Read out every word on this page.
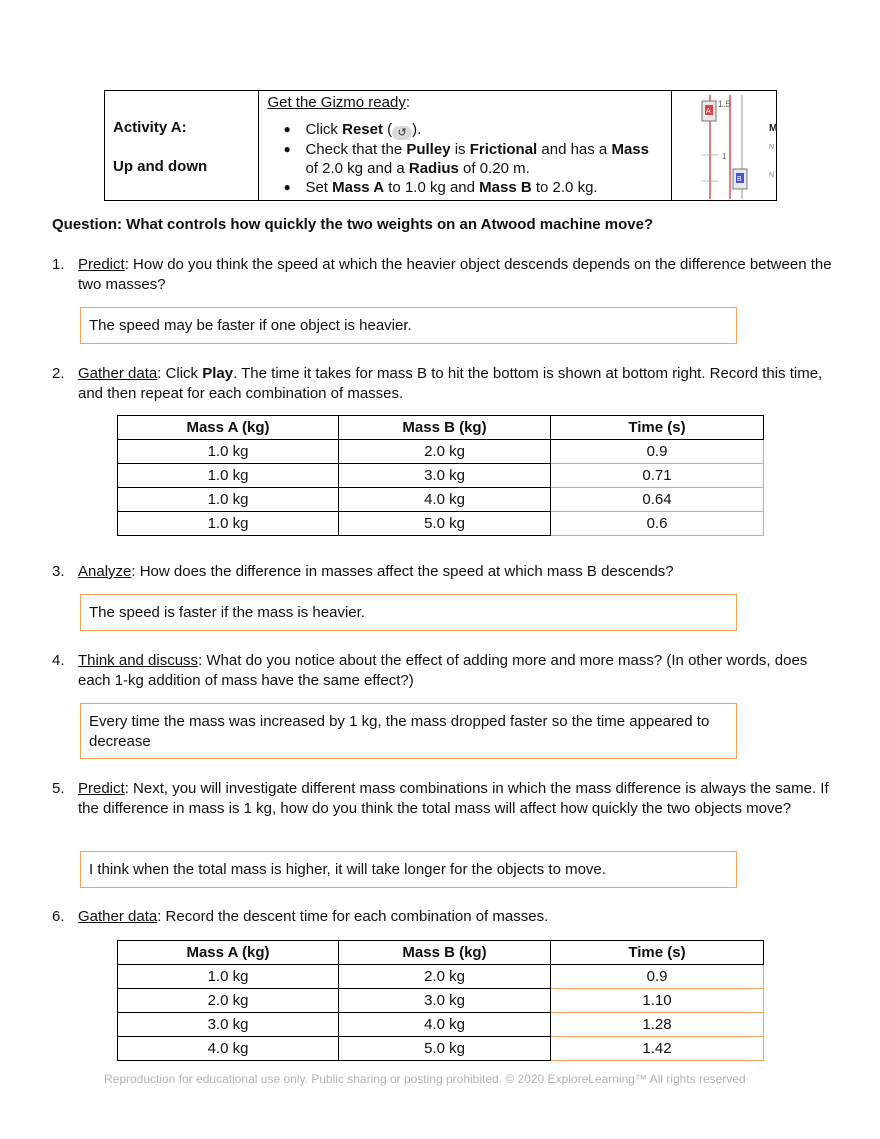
Activity A:
Up and down
Get the Gizmo ready:
● Click Reset ( ↺ ).
● Check that the Pulley is Frictional and has a Mass of 2.0 kg and a Radius of 0.20 m.
● Set Mass A to 1.0 kg and Mass B to 2.0 kg.
1.5
1
A
B
M
N
N
Question: What controls how quickly the two weights on an Atwood machine move?
1. Predict: How do you think the speed at which the heavier object descends depends on the difference between the two masses?
The speed may be faster if one object is heavier.
2. Gather data: Click Play. The time it takes for mass B to hit the bottom is shown at bottom right. Record this time, and then repeat for each combination of masses.
Mass A (kg)	Mass B (kg)	Time (s)
1.0 kg	2.0 kg	0.9
1.0 kg	3.0 kg	0.71
1.0 kg	4.0 kg	0.64
1.0 kg	5.0 kg	0.6
3. Analyze: How does the difference in masses affect the speed at which mass B descends?
The speed is faster if the mass is heavier.
4. Think and discuss: What do you notice about the effect of adding more and more mass? (In other words, does each 1-kg addition of mass have the same effect?)
Every time the mass was increased by 1 kg, the mass dropped faster so the time appeared to decrease
5. Predict: Next, you will investigate different mass combinations in which the mass difference is always the same. If the difference in mass is 1 kg, how do you think the total mass will affect how quickly the two objects move?
I think when the total mass is higher, it will take longer for the objects to move.
6. Gather data: Record the descent time for each combination of masses.
Mass A (kg)	Mass B (kg)	Time (s)
1.0 kg	2.0 kg	0.9
2.0 kg	3.0 kg	1.10
3.0 kg	4.0 kg	1.28
4.0 kg	5.0 kg	1.42
Reproduction for educational use only. Public sharing or posting prohibited. © 2020 ExploreLearning™ All rights reserved
